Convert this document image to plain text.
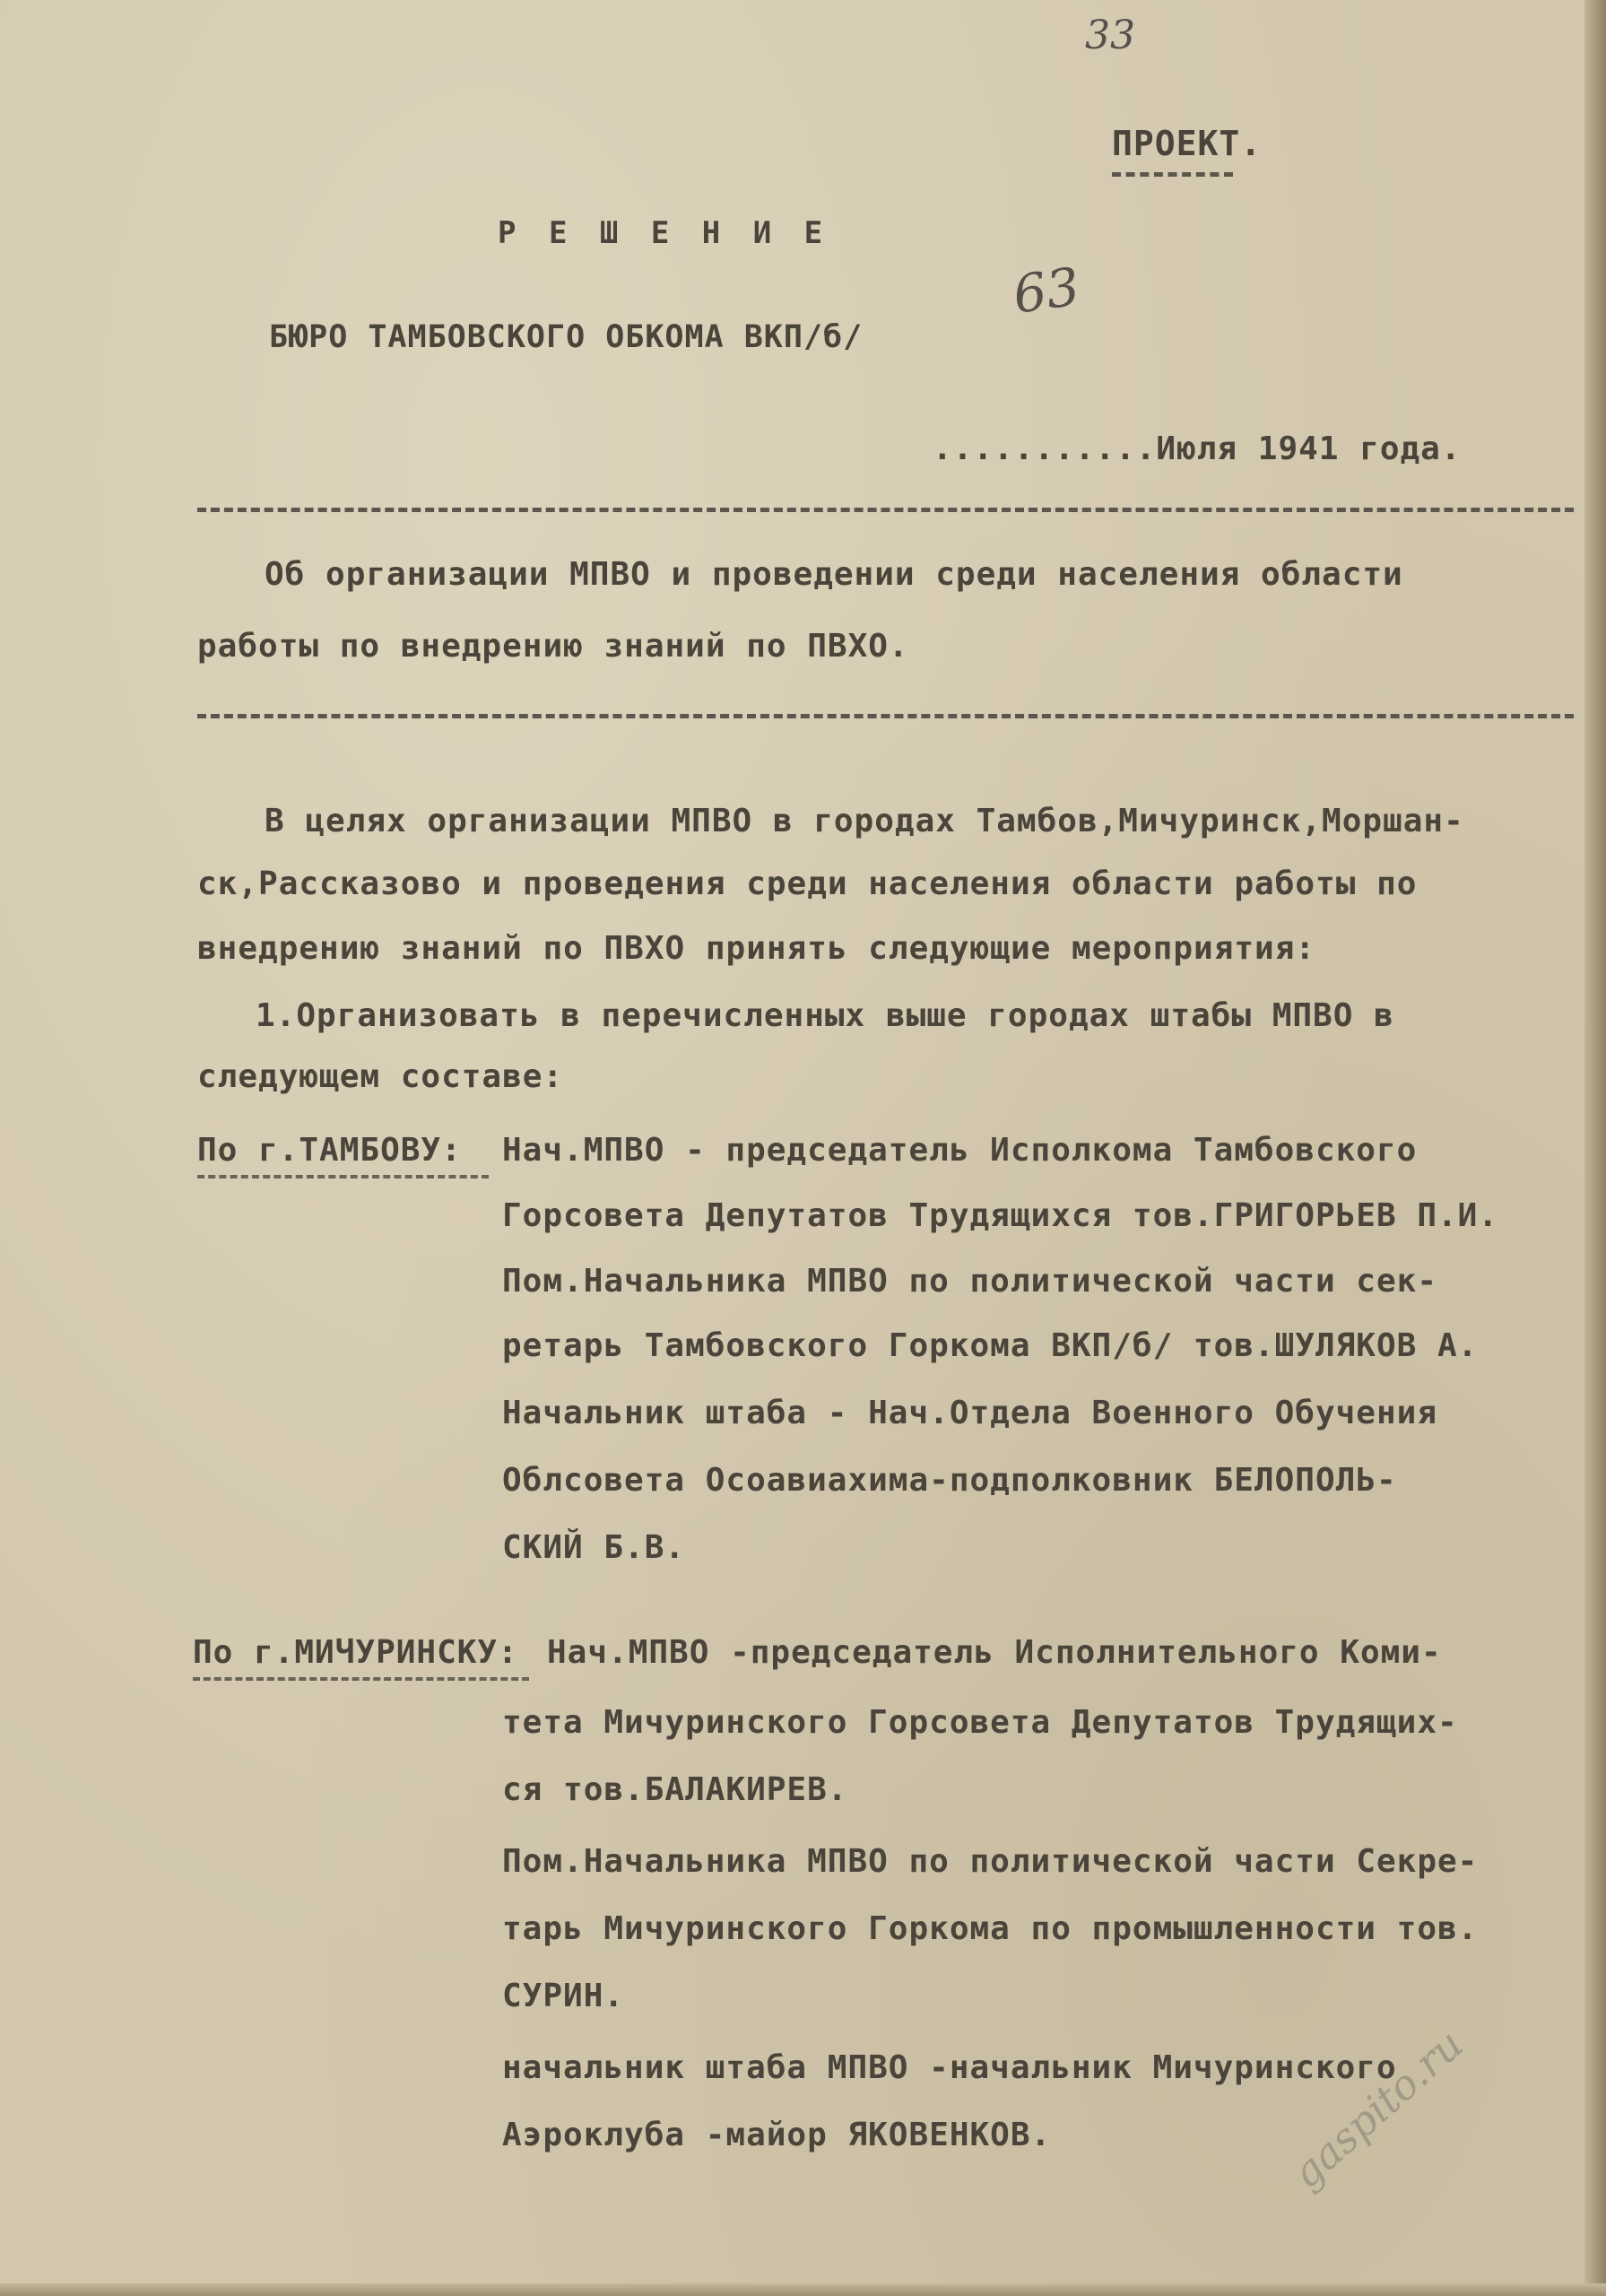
33
ПРОЕКТ.
Р Е Ш Е Н И Е
БЮРО ТАМБОВСКОГО ОБКОМА ВКП/б/
63
...........Июля 1941 года.
Об организации МПВО и проведении среди населения области
работы по внедрению знаний по ПВХО.
В целях организации МПВО в городах Тамбов,Мичуринск,Моршан-
ск,Рассказово и проведения среди населения области работы по
внедрению знаний по ПВХО принять следующие мероприятия:
1.Организовать в перечисленных выше городах штабы МПВО в
следующем составе:
По г.ТАМБОВУ: Нач.МПВО - председатель Исполкома Тамбовского
Горсовета Депутатов Трудящихся тов.ГРИГОРЬЕВ П.И.
Пом.Начальника МПВО по политической части сек-
ретарь Тамбовского Горкома ВКП/б/ тов.ШУЛЯКОВ А.
Начальник штаба - Нач.Отдела Военного Обучения
Облсовета Осоавиахима-подполковник БЕЛОПОЛЬ-
СКИЙ Б.В.
По г.МИЧУРИНСКУ: Нач.МПВО -председатель Исполнительного Коми-
тета Мичуринского Горсовета Депутатов Трудящих-
ся тов.БАЛАКИРЕВ.
Пом.Начальника МПВО по политической части Секре-
тарь Мичуринского Горкома по промышленности тов.
СУРИН.
начальник штаба МПВО -начальник Мичуринского
Аэроклуба -майор ЯКОВЕНКОВ.	gaspito.ru
